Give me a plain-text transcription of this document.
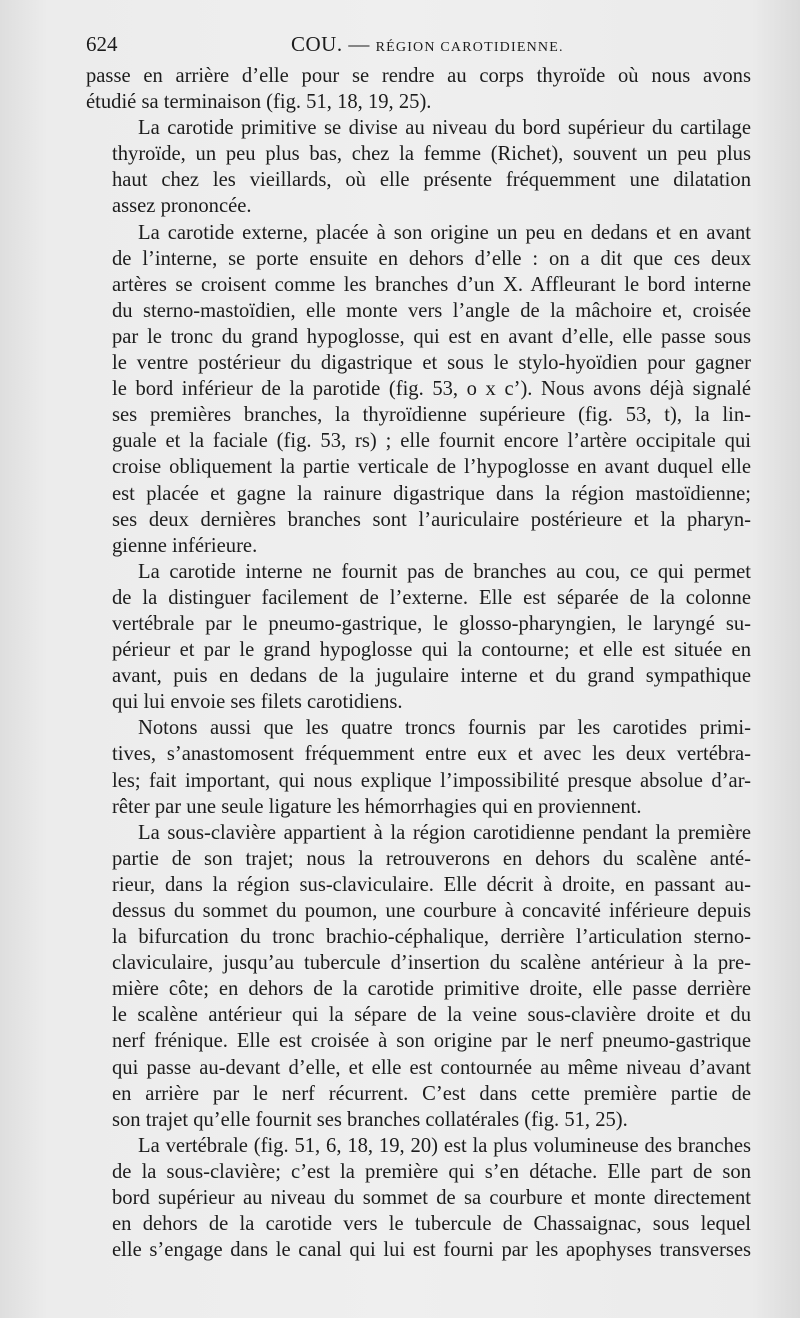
624	COU. — RÉGION CAROTIDIENNE.

passe en arrière d’elle pour se rendre au corps thyroïde où nous avons
étudié sa terminaison (fig. 51, 18, 19, 25).

La carotide primitive se divise au niveau du bord supérieur du cartilage
thyroïde, un peu plus bas, chez la femme (Richet), souvent un peu plus
haut chez les vieillards, où elle présente fréquemment une dilatation
assez prononcée.

La carotide externe, placée à son origine un peu en dedans et en avant
de l’interne, se porte ensuite en dehors d’elle : on a dit que ces deux
artères se croisent comme les branches d’un X. Affleurant le bord interne
du sterno-mastoïdien, elle monte vers l’angle de la mâchoire et, croisée
par le tronc du grand hypoglosse, qui est en avant d’elle, elle passe sous
le ventre postérieur du digastrique et sous le stylo-hyoïdien pour gagner
le bord inférieur de la parotide (fig. 53, o x c’). Nous avons déjà signalé
ses premières branches, la thyroïdienne supérieure (fig. 53, t), la lin-
guale et la faciale (fig. 53, rs) ; elle fournit encore l’artère occipitale qui
croise obliquement la partie verticale de l’hypoglosse en avant duquel elle
est placée et gagne la rainure digastrique dans la région mastoïdienne;
ses deux dernières branches sont l’auriculaire postérieure et la pharyn-
gienne inférieure.

La carotide interne ne fournit pas de branches au cou, ce qui permet
de la distinguer facilement de l’externe. Elle est séparée de la colonne
vertébrale par le pneumo-gastrique, le glosso-pharyngien, le laryngé su-
périeur et par le grand hypoglosse qui la contourne; et elle est située en
avant, puis en dedans de la jugulaire interne et du grand sympathique
qui lui envoie ses filets carotidiens.

Notons aussi que les quatre troncs fournis par les carotides primi-
tives, s’anastomosent fréquemment entre eux et avec les deux vertébra-
les; fait important, qui nous explique l’impossibilité presque absolue d’ar-
rêter par une seule ligature les hémorrhagies qui en proviennent.

La sous-clavière appartient à la région carotidienne pendant la première
partie de son trajet; nous la retrouverons en dehors du scalène anté-
rieur, dans la région sus-claviculaire. Elle décrit à droite, en passant au-
dessus du sommet du poumon, une courbure à concavité inférieure depuis
la bifurcation du tronc brachio-céphalique, derrière l’articulation sterno-
claviculaire, jusqu’au tubercule d’insertion du scalène antérieur à la pre-
mière côte; en dehors de la carotide primitive droite, elle passe derrière
le scalène antérieur qui la sépare de la veine sous-clavière droite et du
nerf frénique. Elle est croisée à son origine par le nerf pneumo-gastrique
qui passe au-devant d’elle, et elle est contournée au même niveau d’avant
en arrière par le nerf récurrent. C’est dans cette première partie de
son trajet qu’elle fournit ses branches collatérales (fig. 51, 25).

La vertébrale (fig. 51, 6, 18, 19, 20) est la plus volumineuse des branches
de la sous-clavière; c’est la première qui s’en détache. Elle part de son
bord supérieur au niveau du sommet de sa courbure et monte directement
en dehors de la carotide vers le tubercule de Chassaignac, sous lequel
elle s’engage dans le canal qui lui est fourni par les apophyses transverses
